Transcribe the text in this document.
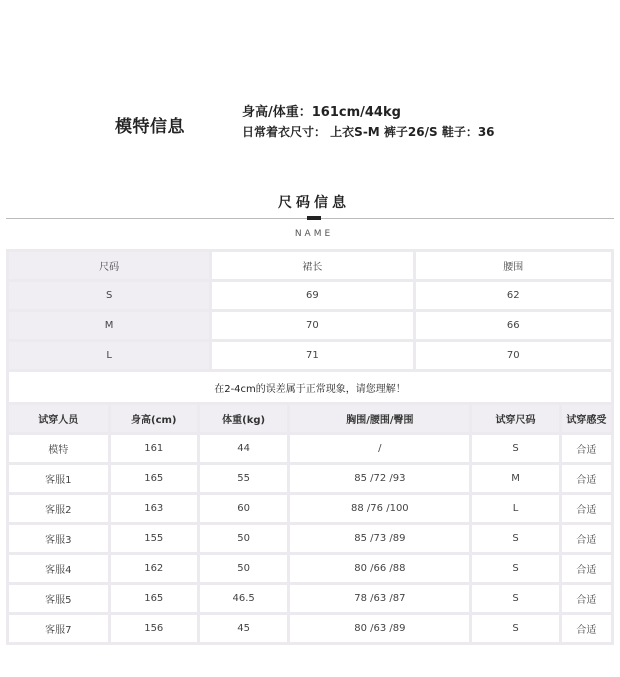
模特信息
身高/体重：161cm/44kg
日常着衣尺寸： 上衣S-M 裤子26/S 鞋子：36
尺码信息
NAME
尺码	裙长	腰围
S	69	62
M	70	66
L	71	70
在2-4cm的误差属于正常现象，请您理解！		
试穿人员	身高(cm)	体重(kg)	胸围/腰围/臀围	试穿尺码	试穿感受
模特	161	44	/	S	合适
客服1	165	55	85 /72 /93	M	合适
客服2	163	60	88 /76 /100	L	合适
客服3	155	50	85 /73 /89	S	合适
客服4	162	50	80 /66 /88	S	合适
客服5	165	46.5	78 /63 /87	S	合适
客服7	156	45	80 /63 /89	S	合适
